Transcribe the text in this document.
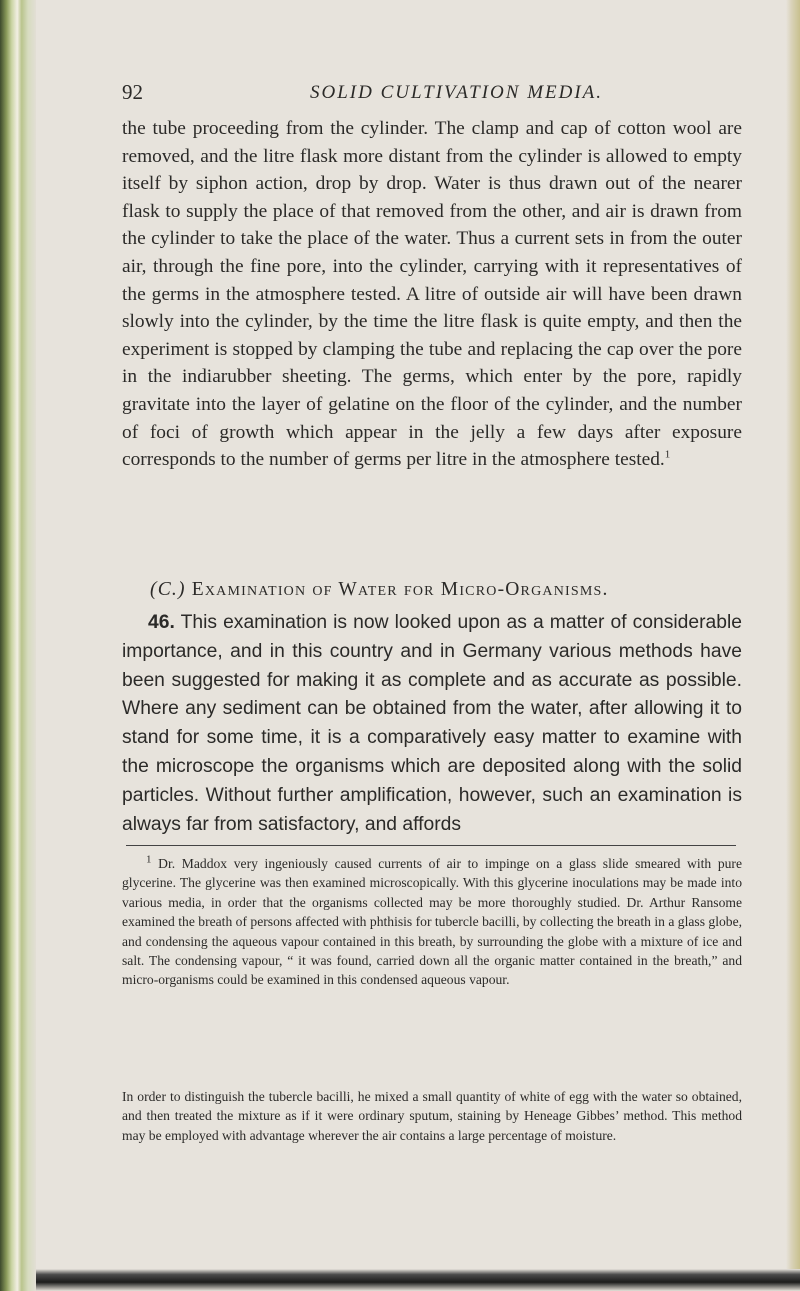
92	SOLID CULTIVATION MEDIA.

the tube proceeding from the cylinder. The clamp and cap of cotton wool are removed, and the litre flask more distant from the cylinder is allowed to empty itself by siphon action, drop by drop. Water is thus drawn out of the nearer flask to supply the place of that removed from the other, and air is drawn from the cylinder to take the place of the water. Thus a current sets in from the outer air, through the fine pore, into the cylinder, carrying with it representatives of the germs in the atmosphere tested. A litre of outside air will have been drawn slowly into the cylinder, by the time the litre flask is quite empty, and then the experiment is stopped by clamping the tube and replacing the cap over the pore in the indiarubber sheeting. The germs, which enter by the pore, rapidly gravitate into the layer of gelatine on the floor of the cylinder, and the number of foci of growth which appear in the jelly a few days after exposure corresponds to the number of germs per litre in the atmosphere tested.$^1$

(C.) Examination of Water for Micro-Organisms.

46. This examination is now looked upon as a matter of considerable importance, and in this country and in Germany various methods have been suggested for making it as complete and as accurate as possible. Where any sediment can be obtained from the water, after allowing it to stand for some time, it is a comparatively easy matter to examine with the microscope the organisms which are deposited along with the solid particles. Without further amplification, however, such an examination is always far from satisfactory, and affords

$^1$ Dr. Maddox very ingeniously caused currents of air to impinge on a glass slide smeared with pure glycerine. The glycerine was then examined microscopically. With this glycerine inoculations may be made into various media, in order that the organisms collected may be more thoroughly studied. Dr. Arthur Ransome examined the breath of persons affected with phthisis for tubercle bacilli, by collecting the breath in a glass globe, and condensing the aqueous vapour contained in this breath, by surrounding the globe with a mixture of ice and salt. The condensing vapour, “ it was found, carried down all the organic matter contained in the breath,” and micro-organisms could be examined in this condensed aqueous vapour.

In order to distinguish the tubercle bacilli, he mixed a small quantity of white of egg with the water so obtained, and then treated the mixture as if it were ordinary sputum, staining by Heneage Gibbes’ method. This method may be employed with advantage wherever the air contains a large percentage of moisture.
